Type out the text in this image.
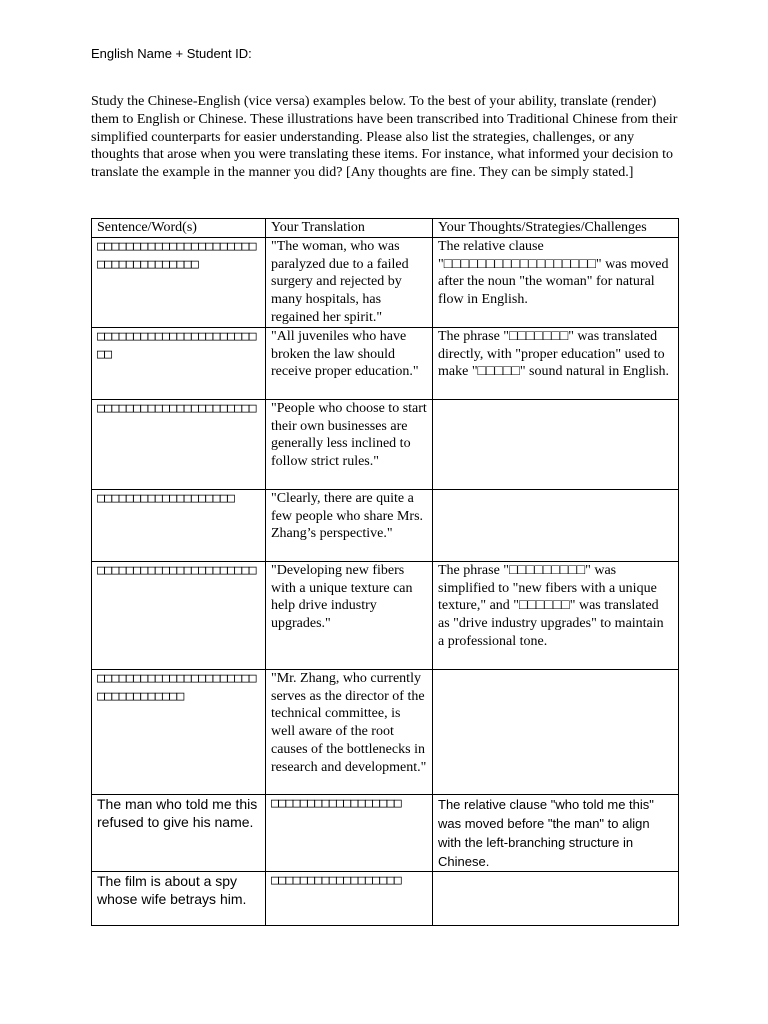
English Name + Student ID:
Study the Chinese-English (vice versa) examples below. To the best of your ability, translate (render) them to English or Chinese. These illustrations have been transcribed into Traditional Chinese from their simplified counterparts for easier understanding. Please also list the strategies, challenges, or any thoughts that arose when you were translating these items. For instance, what informed your decision to translate the example in the manner you did? [Any thoughts are fine. They can be simply stated.]
Sentence/Word(s)	Your Translation	Your Thoughts/Strategies/Challenges
□□□□□□□□□□□□□□□□□□□□□□□□□□□□□□□□□□□□	"The woman, who was paralyzed due to a failed surgery and rejected by many hospitals, has regained her spirit."	The relative clause "□□□□□□□□□□□□□□□□□□" was moved after the noun "the woman" for natural flow in English.
□□□□□□□□□□□□□□□□□□□□□□□□	"All juveniles who have broken the law should receive proper education."	The phrase "□□□□□□□" was translated directly, with "proper education" used to make "□□□□□" sound natural in English.
□□□□□□□□□□□□□□□□□□□□□□	"People who choose to start their own businesses are generally less inclined to follow strict rules."	
□□□□□□□□□□□□□□□□□□□	"Clearly, there are quite a few people who share Mrs. Zhang’s perspective."	
□□□□□□□□□□□□□□□□□□□□□□	"Developing new fibers with a unique texture can help drive industry upgrades."	The phrase "□□□□□□□□□" was simplified to "new fibers with a unique texture," and "□□□□□□" was translated as "drive industry upgrades" to maintain a professional tone.
□□□□□□□□□□□□□□□□□□□□□□□□□□□□□□□□□□	"Mr. Zhang, who currently serves as the director of the technical committee, is well aware of the root causes of the bottlenecks in research and development."	
The man who told me this refused to give his name.	□□□□□□□□□□□□□□□□□□	The relative clause "who told me this" was moved before "the man" to align with the left-branching structure in Chinese.
The film is about a spy whose wife betrays him.	□□□□□□□□□□□□□□□□□□	
